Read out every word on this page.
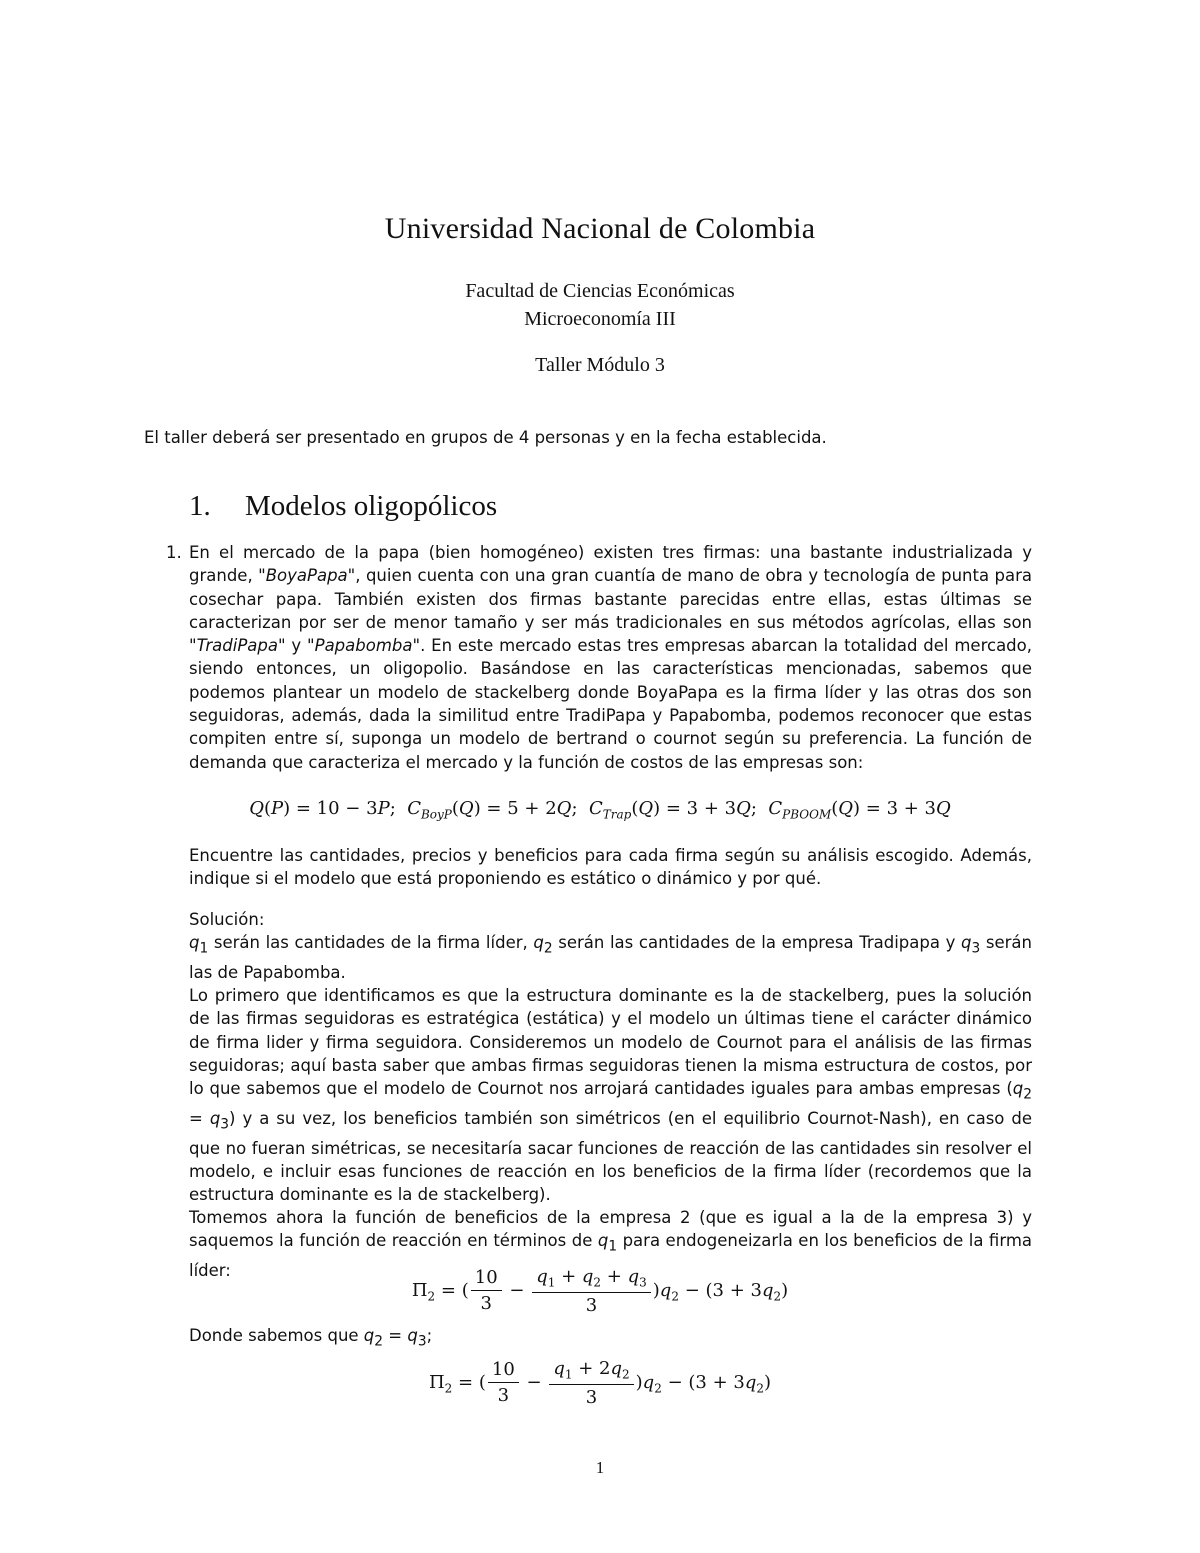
Universidad Nacional de Colombia
Facultad de Ciencias Económicas
Microeconomía III
Taller Módulo 3
El taller deberá ser presentado en grupos de 4 personas y en la fecha establecida.
1. Modelos oligopólicos
1. En el mercado de la papa (bien homogéneo) existen tres firmas: una bastante industrializada y grande, "BoyaPapa", quien cuenta con una gran cuantía de mano de obra y tecnología de punta para cosechar papa. También existen dos firmas bastante parecidas entre ellas, estas últimas se caracterizan por ser de menor tamaño y ser más tradicionales en sus métodos agrícolas, ellas son "TradiPapa" y "Papabomba". En este mercado estas tres empresas abarcan la totalidad del mercado, siendo entonces, un oligopolio. Basándose en las características mencionadas, sabemos que podemos plantear un modelo de stackelberg donde BoyaPapa es la firma líder y las otras dos son seguidoras, además, dada la similitud entre TradiPapa y Papabomba, podemos reconocer que estas compiten entre sí, suponga un modelo de bertrand o cournot según su preferencia. La función de demanda que caracteriza el mercado y la función de costos de las empresas son:

Q(P) = 10 − 3P;  $C_{BoyP}(Q) = 5 + 2Q$;  $C_{Trap}(Q) = 3 + 3Q$;  $C_{PBOOM}(Q) = 3 + 3Q$

Encuentre las cantidades, precios y beneficios para cada firma según su análisis escogido. Además, indique si el modelo que está proponiendo es estático o dinámico y por qué.

Solución:

$q_1$ serán las cantidades de la firma líder, $q_2$ serán las cantidades de la empresa Tradipapa y $q_3$ serán las de Papabomba.

Lo primero que identificamos es que la estructura dominante es la de stackelberg, pues la solución de las firmas seguidoras es estratégica (estática) y el modelo un últimas tiene el carácter dinámico de firma lider y firma seguidora. Consideremos un modelo de Cournot para el análisis de las firmas seguidoras; aquí basta saber que ambas firmas seguidoras tienen la misma estructura de costos, por lo que sabemos que el modelo de Cournot nos arrojará cantidades iguales para ambas empresas $(q_2 = q_3)$ y a su vez, los beneficios también son simétricos (en el equilibrio Cournot-Nash), en caso de que no fueran simétricas, se necesitaría sacar funciones de reacción de las cantidades sin resolver el modelo, e incluir esas funciones de reacción en los beneficios de la firma líder (recordemos que la estructura dominante es la de stackelberg).

Tomemos ahora la función de beneficios de la empresa 2 (que es igual a la de la empresa 3) y saquemos la función de reacción en términos de $q_1$ para endogeneizarla en los beneficios de la firma líder:

$\Pi_2$ = ( $\frac{10}{3} - \frac{q_1 + q_2 + q_3}{3} )q_2 - (3 + 3q_2)$

Donde sabemos que $q_2 = q_3$;

$\Pi_2$ = ( $\frac{10}{3} - \frac{q_1 + 2q_2}{3} )q_2 - (3 + 3q_2)$
1
